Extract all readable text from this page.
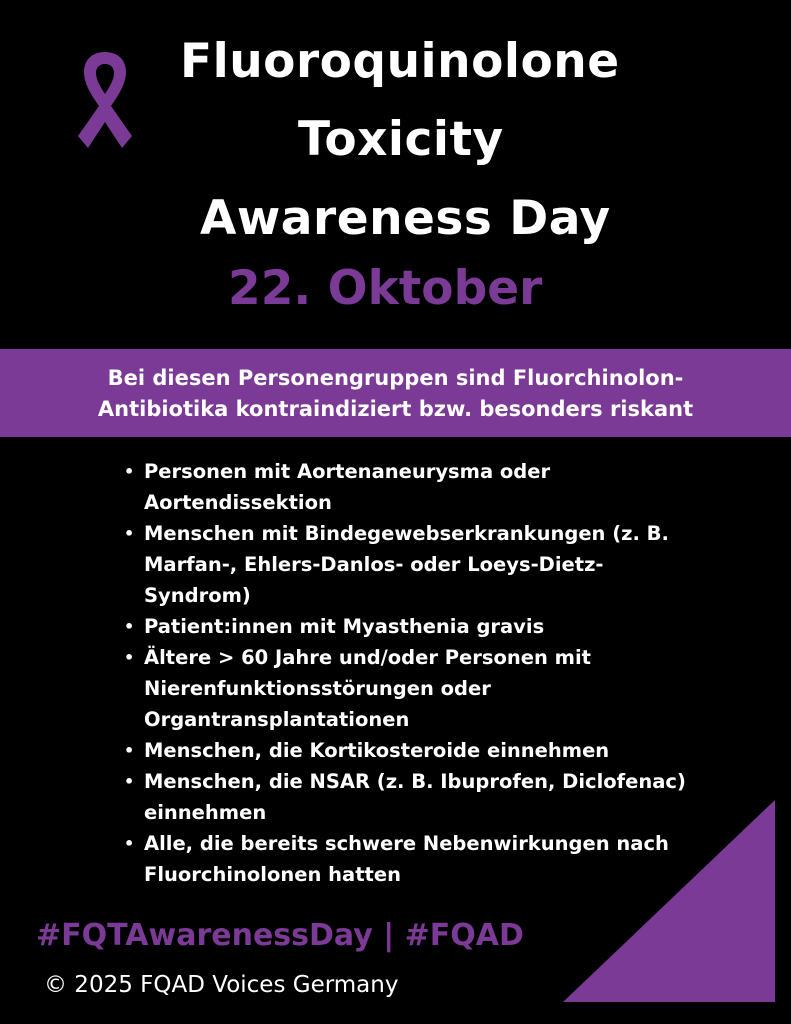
Fluoroquinolone
Toxicity
Awareness Day
22. Oktober
Bei diesen Personengruppen sind Fluorchinolon-
Antibiotika kontraindiziert bzw. besonders riskant
• Personen mit Aortenaneurysma oder Aortendissektion
• Menschen mit Bindegewebserkrankungen (z. B. Marfan-, Ehlers-Danlos- oder Loeys-Dietz-Syndrom)
• Patient:innen mit Myasthenia gravis
• Ältere > 60 Jahre und/oder Personen mit Nierenfunktionsstörungen oder Organtransplantationen
• Menschen, die Kortikosteroide einnehmen
• Menschen, die NSAR (z. B. Ibuprofen, Diclofenac) einnehmen
• Alle, die bereits schwere Nebenwirkungen nach Fluorchinolonen hatten
#FQTAwarenessDay | #FQAD
© 2025 FQAD Voices Germany
